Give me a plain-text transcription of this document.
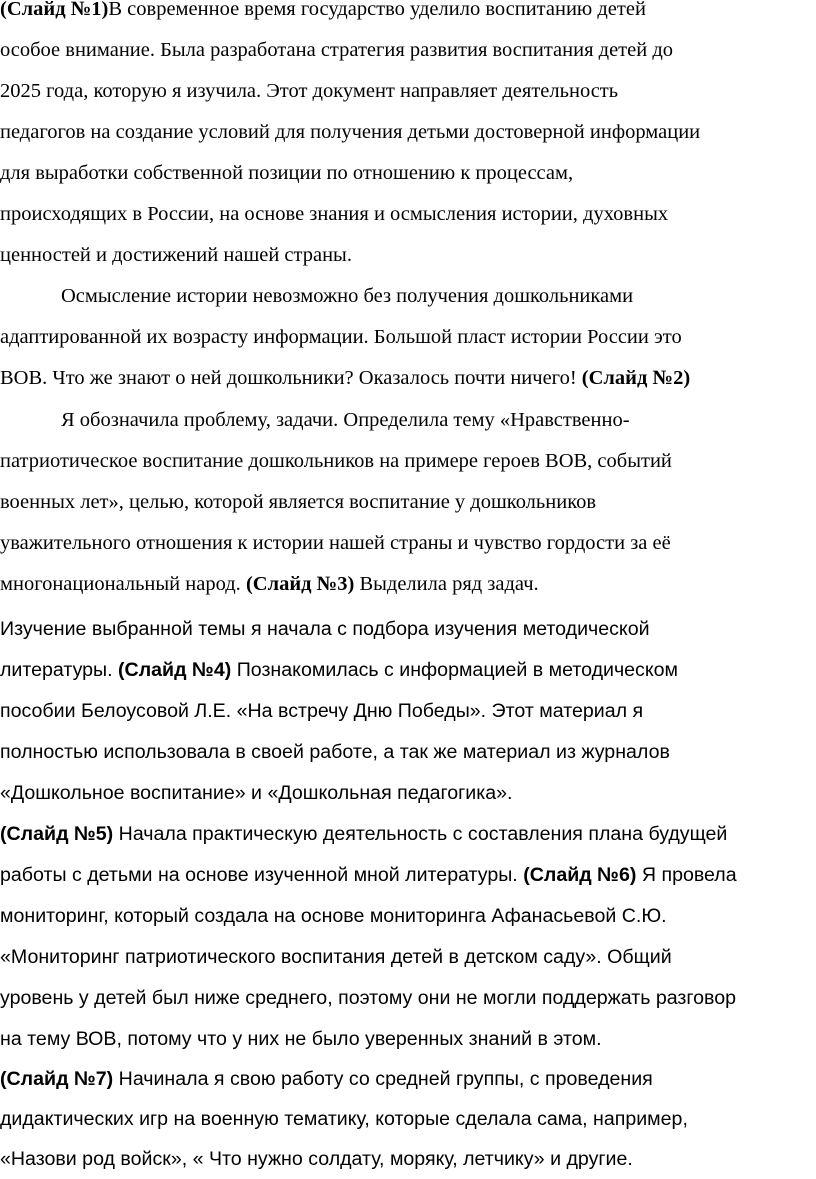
(Слайд №1)В современное время государство уделило воспитанию детей
особое внимание. Была разработана стратегия развития воспитания детей до
2025 года, которую я изучила. Этот документ направляет деятельность
педагогов на создание условий для получения детьми достоверной информации
для выработки собственной позиции по отношению к процессам,
происходящих в России, на основе знания и осмысления истории, духовных
ценностей и достижений нашей страны.
Осмысление истории невозможно без получения дошкольниками
адаптированной их возрасту информации. Большой пласт истории России это
ВОВ. Что же знают о ней дошкольники? Оказалось почти ничего! (Слайд №2)
Я обозначила проблему, задачи. Определила тему «Нравственно-
патриотическое воспитание дошкольников на примере героев ВОВ, событий
военных лет», целью, которой является воспитание у дошкольников
уважительного отношения к истории нашей страны и чувство гордости за её
многонациональный народ. (Слайд №3) Выделила ряд задач.
Изучение выбранной темы я начала с подбора изучения методической
литературы. (Слайд №4) Познакомилась с информацией в методическом
пособии Белоусовой Л.Е. «На встречу Дню Победы». Этот материал я
полностью использовала в своей работе, а так же материал из журналов
«Дошкольное воспитание» и «Дошкольная педагогика».
(Слайд №5) Начала практическую деятельность с составления плана будущей
работы с детьми на основе изученной мной литературы. (Слайд №6) Я провела
мониторинг, который создала на основе мониторинга Афанасьевой С.Ю.
«Мониторинг патриотического воспитания детей в детском саду». Общий
уровень у детей был ниже среднего, поэтому они не могли поддержать разговор
на тему ВОВ, потому что у них не было уверенных знаний в этом.
(Слайд №7) Начинала я свою работу со средней группы, с проведения
дидактических игр на военную тематику, которые сделала сама, например,
«Назови род войск», « Что нужно солдату, моряку, летчику» и другие.
